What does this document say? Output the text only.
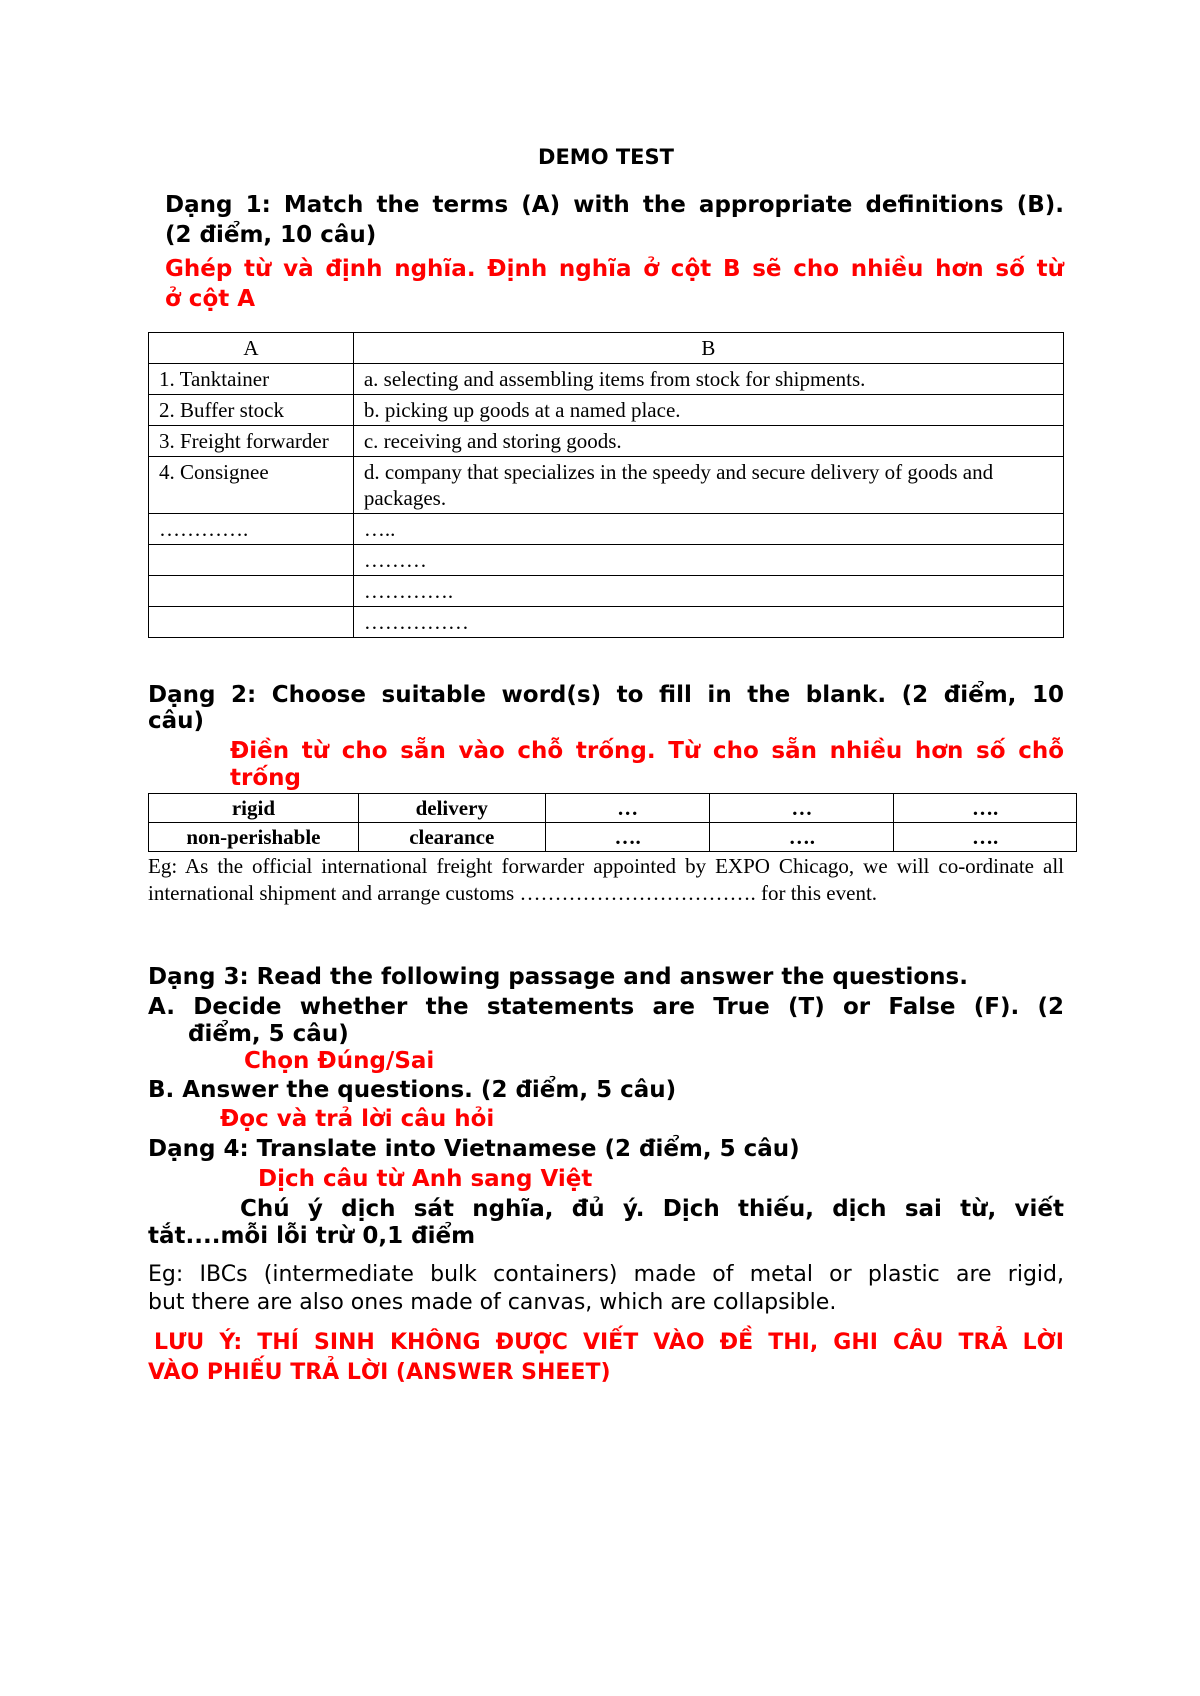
DEMO TEST

Dạng 1: Match the terms (A) with the appropriate definitions (B).

(2 điểm, 10 câu)

Ghép từ và định nghĩa. Định nghĩa ở cột B sẽ cho nhiều hơn số từ

ở cột A

A	B
1. Tanktainer	a. selecting and assembling items from stock for shipments.
2. Buffer stock	b. picking up goods at a named place.
3. Freight forwarder	c. receiving and storing goods.
4. Consignee	d. company that specializes in the speedy and secure delivery of goods and packages.
………….	…..
	………
	………….
	……………

Dạng 2: Choose suitable word(s) to fill in the blank. (2 điểm, 10

câu)

Điền từ cho sẵn vào chỗ trống. Từ cho sẵn nhiều hơn số chỗ

trống

rigid	delivery	…	…	….
non-perishable	clearance	….	….	….
Eg: As the official international freight forwarder appointed by EXPO Chicago, we will co-ordinate all international shipment and arrange customs ……………………………. for this event.

Dạng 3: Read the following passage and answer the questions.

A. Decide whether the statements are True (T) or False (F). (2

điểm, 5 câu)

Chọn Đúng/Sai

B. Answer the questions. (2 điểm, 5 câu)

Đọc và trả lời câu hỏi

Dạng 4: Translate into Vietnamese (2 điểm, 5 câu)

Dịch câu từ Anh sang Việt

Chú ý dịch sát nghĩa, đủ ý. Dịch thiếu, dịch sai từ, viết

tắt....mỗi lỗi trừ 0,1 điểm

Eg: IBCs (intermediate bulk containers) made of metal or plastic are rigid,

but there are also ones made of canvas, which are collapsible.

LƯU Ý: THÍ SINH KHÔNG ĐƯỢC VIẾT VÀO ĐỀ THI, GHI CÂU TRẢ LỜI

VÀO PHIẾU TRẢ LỜI (ANSWER SHEET)
